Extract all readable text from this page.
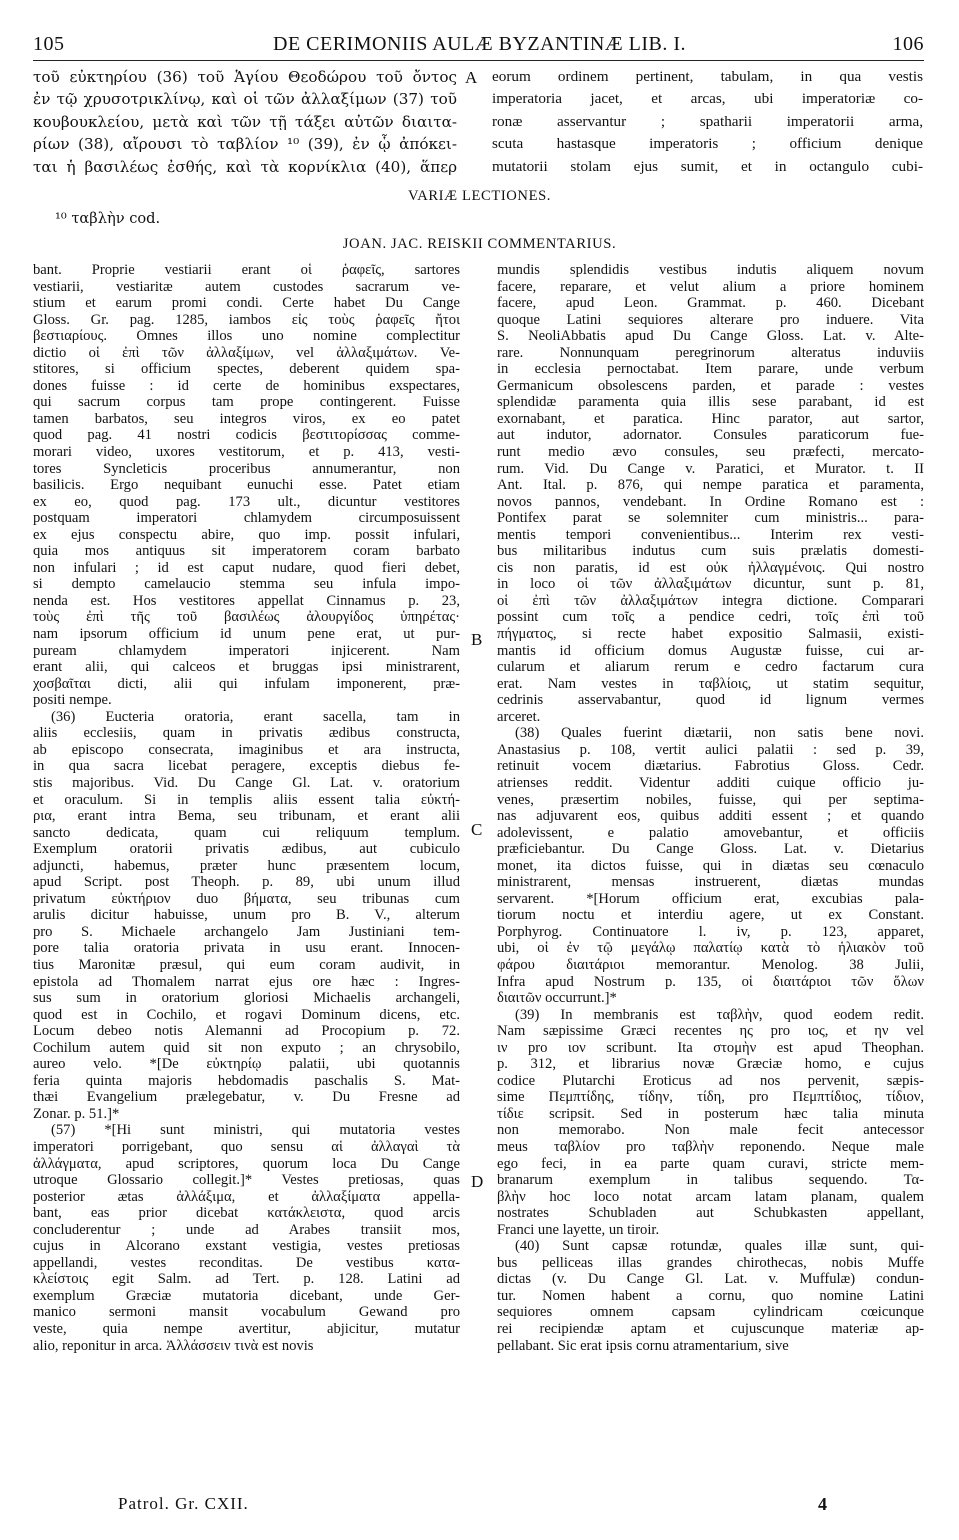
105	DE CERIMONIIS AULÆ BYZANTINÆ LIB. I.	106
τοῦ εὐκτηρίου (36) τοῦ Ἁγίου Θεοδώρου τοῦ ὄντος
ἐν τῷ χρυσοτρικλίνῳ, καὶ οἱ τῶν ἀλλαξίμων (37) τοῦ
κουβουκλείου, μετὰ καὶ τῶν τῇ τάξει αὐτῶν διαιτα-
ρίων (38), αἴρουσι τὸ ταβλίον ¹⁰ (39), ἐν ᾧ ἀπόκει-
ται ἡ βασιλέως ἐσθής, καὶ τὰ κορνίκλια (40), ἅπερ
eorum ordinem pertinent, tabulam, in qua vestis
imperatoria jacet, et arcas, ubi imperatoriæ co-
ronæ asservantur ; spatharii imperatorii arma,
scuta hastasque imperatoris ; officium denique
mutatorii stolam ejus sumit, et in octangulo cubi-
A
B
C
D
VARIÆ LECTIONES.
¹⁰ ταβλὴν cod.
JOAN. JAC. REISKII COMMENTARIUS.
bant. Proprie vestiarii erant οἱ ῥαφεῖς, sartores
vestiarii, vestiaritæ autem custodes sacrarum ve-
stium et earum promi condi. Certe habet Du Cange
Gloss. Gr. pag. 1285, iambos εἰς τοὺς ῥαφεῖς ἤτοι
βεστιαρίους. Omnes illos uno nomine complectitur
dictio οἱ ἐπὶ τῶν ἀλλαξίμων, vel ἀλλαξιμάτων. Ve-
stitores, si officium spectes, deberent quidem spa-
dones fuisse : id certe de hominibus exspectares,
qui sacrum corpus tam prope contingerent. Fuisse
tamen barbatos, seu integros viros, ex eo patet
quod pag. 41 nostri codicis βεστιτορίσσας comme-
morari video, uxores vestitorum, et p. 413, vesti-
tores Syncleticis proceribus annumerantur, non
basilicis. Ergo nequibant eunuchi esse. Patet etiam
ex eo, quod pag. 173 ult., dicuntur vestitores
postquam imperatori chlamydem circumposuissent
ex ejus conspectu abire, quo imp. possit infulari,
quia mos antiquus sit imperatorem coram barbato
non infulari ; id est caput nudare, quod fieri debet,
si dempto camelaucio stemma seu infula impo-
nenda est. Hos vestitores appellat Cinnamus p. 23,
τοὺς ἐπὶ τῆς τοῦ βασιλέως ἀλουργίδος ὑπηρέτας·
nam ipsorum officium id unum pene erat, ut pur-
puream chlamydem imperatori injicerent. Nam
erant alii, qui calceos et bruggas ipsi ministrarent,
χοσβαῖται dicti, alii qui infulam imponerent, præ-
positi nempe.
(36) Eucteria oratoria, erant sacella, tam in
aliis ecclesiis, quam in privatis ædibus constructa,
ab episcopo consecrata, imaginibus et ara instructa,
in qua sacra licebat peragere, exceptis diebus fe-
stis majoribus. Vid. Du Cange Gl. Lat. v. oratorium
et oraculum. Si in templis aliis essent talia εὐκτή-
ρια, erant intra Bema, seu tribunam, et erant alii
sancto dedicata, quam cui reliquum templum.
Exemplum oratorii privatis ædibus, aut cubiculo
adjuncti, habemus, præter hunc præsentem locum,
apud Script. post Theoph. p. 89, ubi unum illud
privatum εὐκτήριον duo βήματα, seu tribunas cum
arulis dicitur habuisse, unum pro B. V., alterum
pro S. Michaele archangelo Jam Justiniani tem-
pore talia oratoria privata in usu erant. Innocen-
tius Maronitæ præsul, qui eum coram audivit, in
epistola ad Thomalem narrat ejus ore hæc : Ingres-
sus sum in oratorium gloriosi Michaelis archangeli,
quod est in Cochilo, et rogavi Dominum dicens, etc.
Locum debeo notis Alemanni ad Procopium p. 72.
Cochilum autem quid sit non exputo ; an chrysobilo,
aureo velo. *[De εὐκτηρίῳ palatii, ubi quotannis
feria quinta majoris hebdomadis paschalis S. Mat-
thæi Evangelium prælegebatur, v. Du Fresne ad
Zonar. p. 51.]*
(57) *[Hi sunt ministri, qui mutatoria vestes
imperatori porrigebant, quo sensu αἱ ἀλλαγαὶ τὰ
ἀλλάγματα, apud scriptores, quorum loca Du Cange
utroque Glossario collegit.]* Vestes pretiosas, quas
posterior ætas ἀλλάξιμα, et ἀλλαξίματα appella-
bant, eas prior dicebat κατάκλειστα, quod arcis
concluderentur ; unde ad Arabes transiit mos,
cujus in Alcorano exstant vestigia, vestes pretiosas
appellandi, vestes reconditas. De vestibus κατα-
κλείστοις egit Salm. ad Tert. p. 128. Latini ad
exemplum Græciæ mutatoria dicebant, unde Ger-
manico sermoni mansit vocabulum Gewand pro
veste, quia nempe avertitur, abjicitur, mutatur
alio, reponitur in arca. Ἀλλάσσειν τινὰ est novis
mundis splendidis vestibus indutis aliquem novum
facere, reparare, et velut alium a priore hominem
facere, apud Leon. Grammat. p. 460. Dicebant
quoque Latini sequiores alterare pro induere. Vita
S. NeoliAbbatis apud Du Cange Gloss. Lat. v. Alte-
rare. Nonnunquam peregrinorum alteratus induviis
in ecclesia pernoctabat. Item parare, unde verbum
Germanicum obsolescens parden, et parade : vestes
splendidæ paramenta quia illis sese parabant, id est
exornabant, et paratica. Hinc parator, aut sartor,
aut indutor, adornator. Consules paraticorum fue-
runt medio ævo consules, seu præfecti, mercato-
rum. Vid. Du Cange v. Paratici, et Murator. t. II
Ant. Ital. p. 876, qui nempe paratica et paramenta,
novos pannos, vendebant. In Ordine Romano est :
Pontifex parat se solemniter cum ministris... para-
mentis tempori convenientibus... Interim rex vesti-
bus militaribus indutus cum suis prælatis domesti-
cis non paratis, id est οὐκ ἠλλαγμένοις. Qui nostro
in loco οἱ τῶν ἀλλαξιμάτων dicuntur, sunt p. 81,
οἱ ἐπὶ τῶν ἀλλαξιμάτων integra dictione. Comparari
possint cum τοῖς a pendice cedri, τοῖς ἐπὶ τοῦ
πήγματος, si recte habet expositio Salmasii, existi-
mantis id officium domus Augustæ fuisse, cui ar-
cularum et aliarum rerum e cedro factarum cura
erat. Nam vestes in ταβλίοις, ut statim sequitur,
cedrinis asservabantur, quod id lignum vermes
arceret.
(38) Quales fuerint diætarii, non satis bene novi.
Anastasius p. 108, vertit aulici palatii : sed p. 39,
retinuit vocem diætarius. Fabrotius Gloss. Cedr.
atrienses reddit. Videntur additi cuique officio ju-
venes, præsertim nobiles, fuisse, qui per septima-
nas adjuvarent eos, quibus additi essent ; et quando
adolevissent, e palatio amovebantur, et officiis
præficiebantur. Du Cange Gloss. Lat. v. Dietarius
monet, ita dictos fuisse, qui in diætas seu cœnaculo
ministrarent, mensas instruerent, diætas mundas
servarent. *[Horum officium erat, excubias pala-
tiorum noctu et interdiu agere, ut ex Constant.
Porphyrog. Continuatore l. iv, p. 123, apparet,
ubi, οἱ ἐν τῷ μεγάλῳ παλατίῳ κατὰ τὸ ἡλιακὸν τοῦ
φάρου διαιτάριοι memorantur. Menolog. 38 Julii,
Infra apud Nostrum p. 135, οἱ διαιτάριοι τῶν ὅλων
διαιτῶν occurrunt.]*
(39) In membranis est ταβλὴν, quod eodem redit.
Nam sæpissime Græci recentes ης pro ιος, et ην vel
ιν pro ιον scribunt. Ita στομὴν est apud Theophan.
p. 312, et librarius novæ Græciæ homo, e cujus
codice Plutarchi Eroticus ad nos pervenit, sæpis-
sime Πεμπτίδης, τίδην, τίδη, pro Πεμπτίδιος, τίδιον,
τίδιε scripsit. Sed in posterum hæc talia minuta
non memorabo. Non male fecit antecessor
meus ταβλίον pro ταβλὴν reponendo. Neque male
ego feci, in ea parte quam curavi, stricte mem-
branarum exemplum in talibus sequendo. Τα-
βλὴν hoc loco notat arcam latam planam, qualem
nostrates Schubladen aut Schubkasten appellant,
Franci une layette, un tiroir.
(40) Sunt capsæ rotundæ, quales illæ sunt, qui-
bus pelliceas illas grandes chirothecas, nobis Muffe
dictas (v. Du Cange Gl. Lat. v. Muffulæ) condun-
tur. Nomen habent a cornu, quo nomine Latini
sequiores omnem capsam cylindricam cœicunque
rei recipiendæ aptam et cujuscunque materiæ ap-
pellabant. Sic erat ipsis cornu atramentarium, sive
Patrol. Gr. CXII.	4
